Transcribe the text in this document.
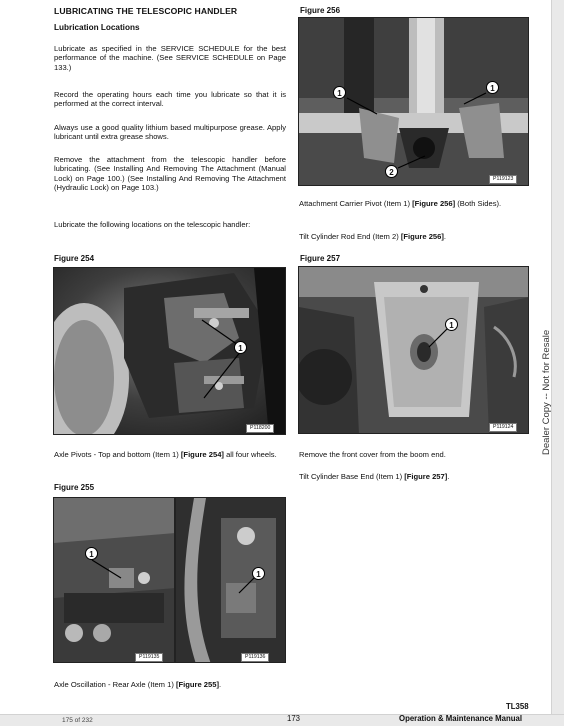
LUBRICATING THE TELESCOPIC HANDLER
Lubrication Locations
Lubricate as specified in the SERVICE SCHEDULE for the best performance of the machine. (See SERVICE SCHEDULE on Page 133.)
Record the operating hours each time you lubricate so that it is performed at the correct interval.
Always use a good quality lithium based multipurpose grease. Apply lubricant until extra grease shows.
Remove the attachment from the telescopic handler before lubricating. (See Installing And Removing The Attachment (Manual Lock) on Page 100.) (See Installing And Removing The Attachment (Hydraulic Lock) on Page 103.)
Lubricate the following locations on the telescopic handler:
Figure 254
1
P118200
Axle Pivots - Top and bottom (Item 1) [Figure 254] all four wheels.
Figure 255
1
P119135
1
P119136
Axle Oscillation - Rear Axle (Item 1) [Figure 255].
Figure 256
1
1
2
P119123
Attachment Carrier Pivot (Item 1) [Figure 256] (Both Sides).
Tilt Cylinder Rod End (Item 2) [Figure 256].
Figure 257
1
P119124
Remove the front cover from the boom end.
Tilt Cylinder Base End (Item 1) [Figure 257].
Dealer Copy -- Not for Resale
175 of 232	173
TL358
Operation & Maintenance Manual
